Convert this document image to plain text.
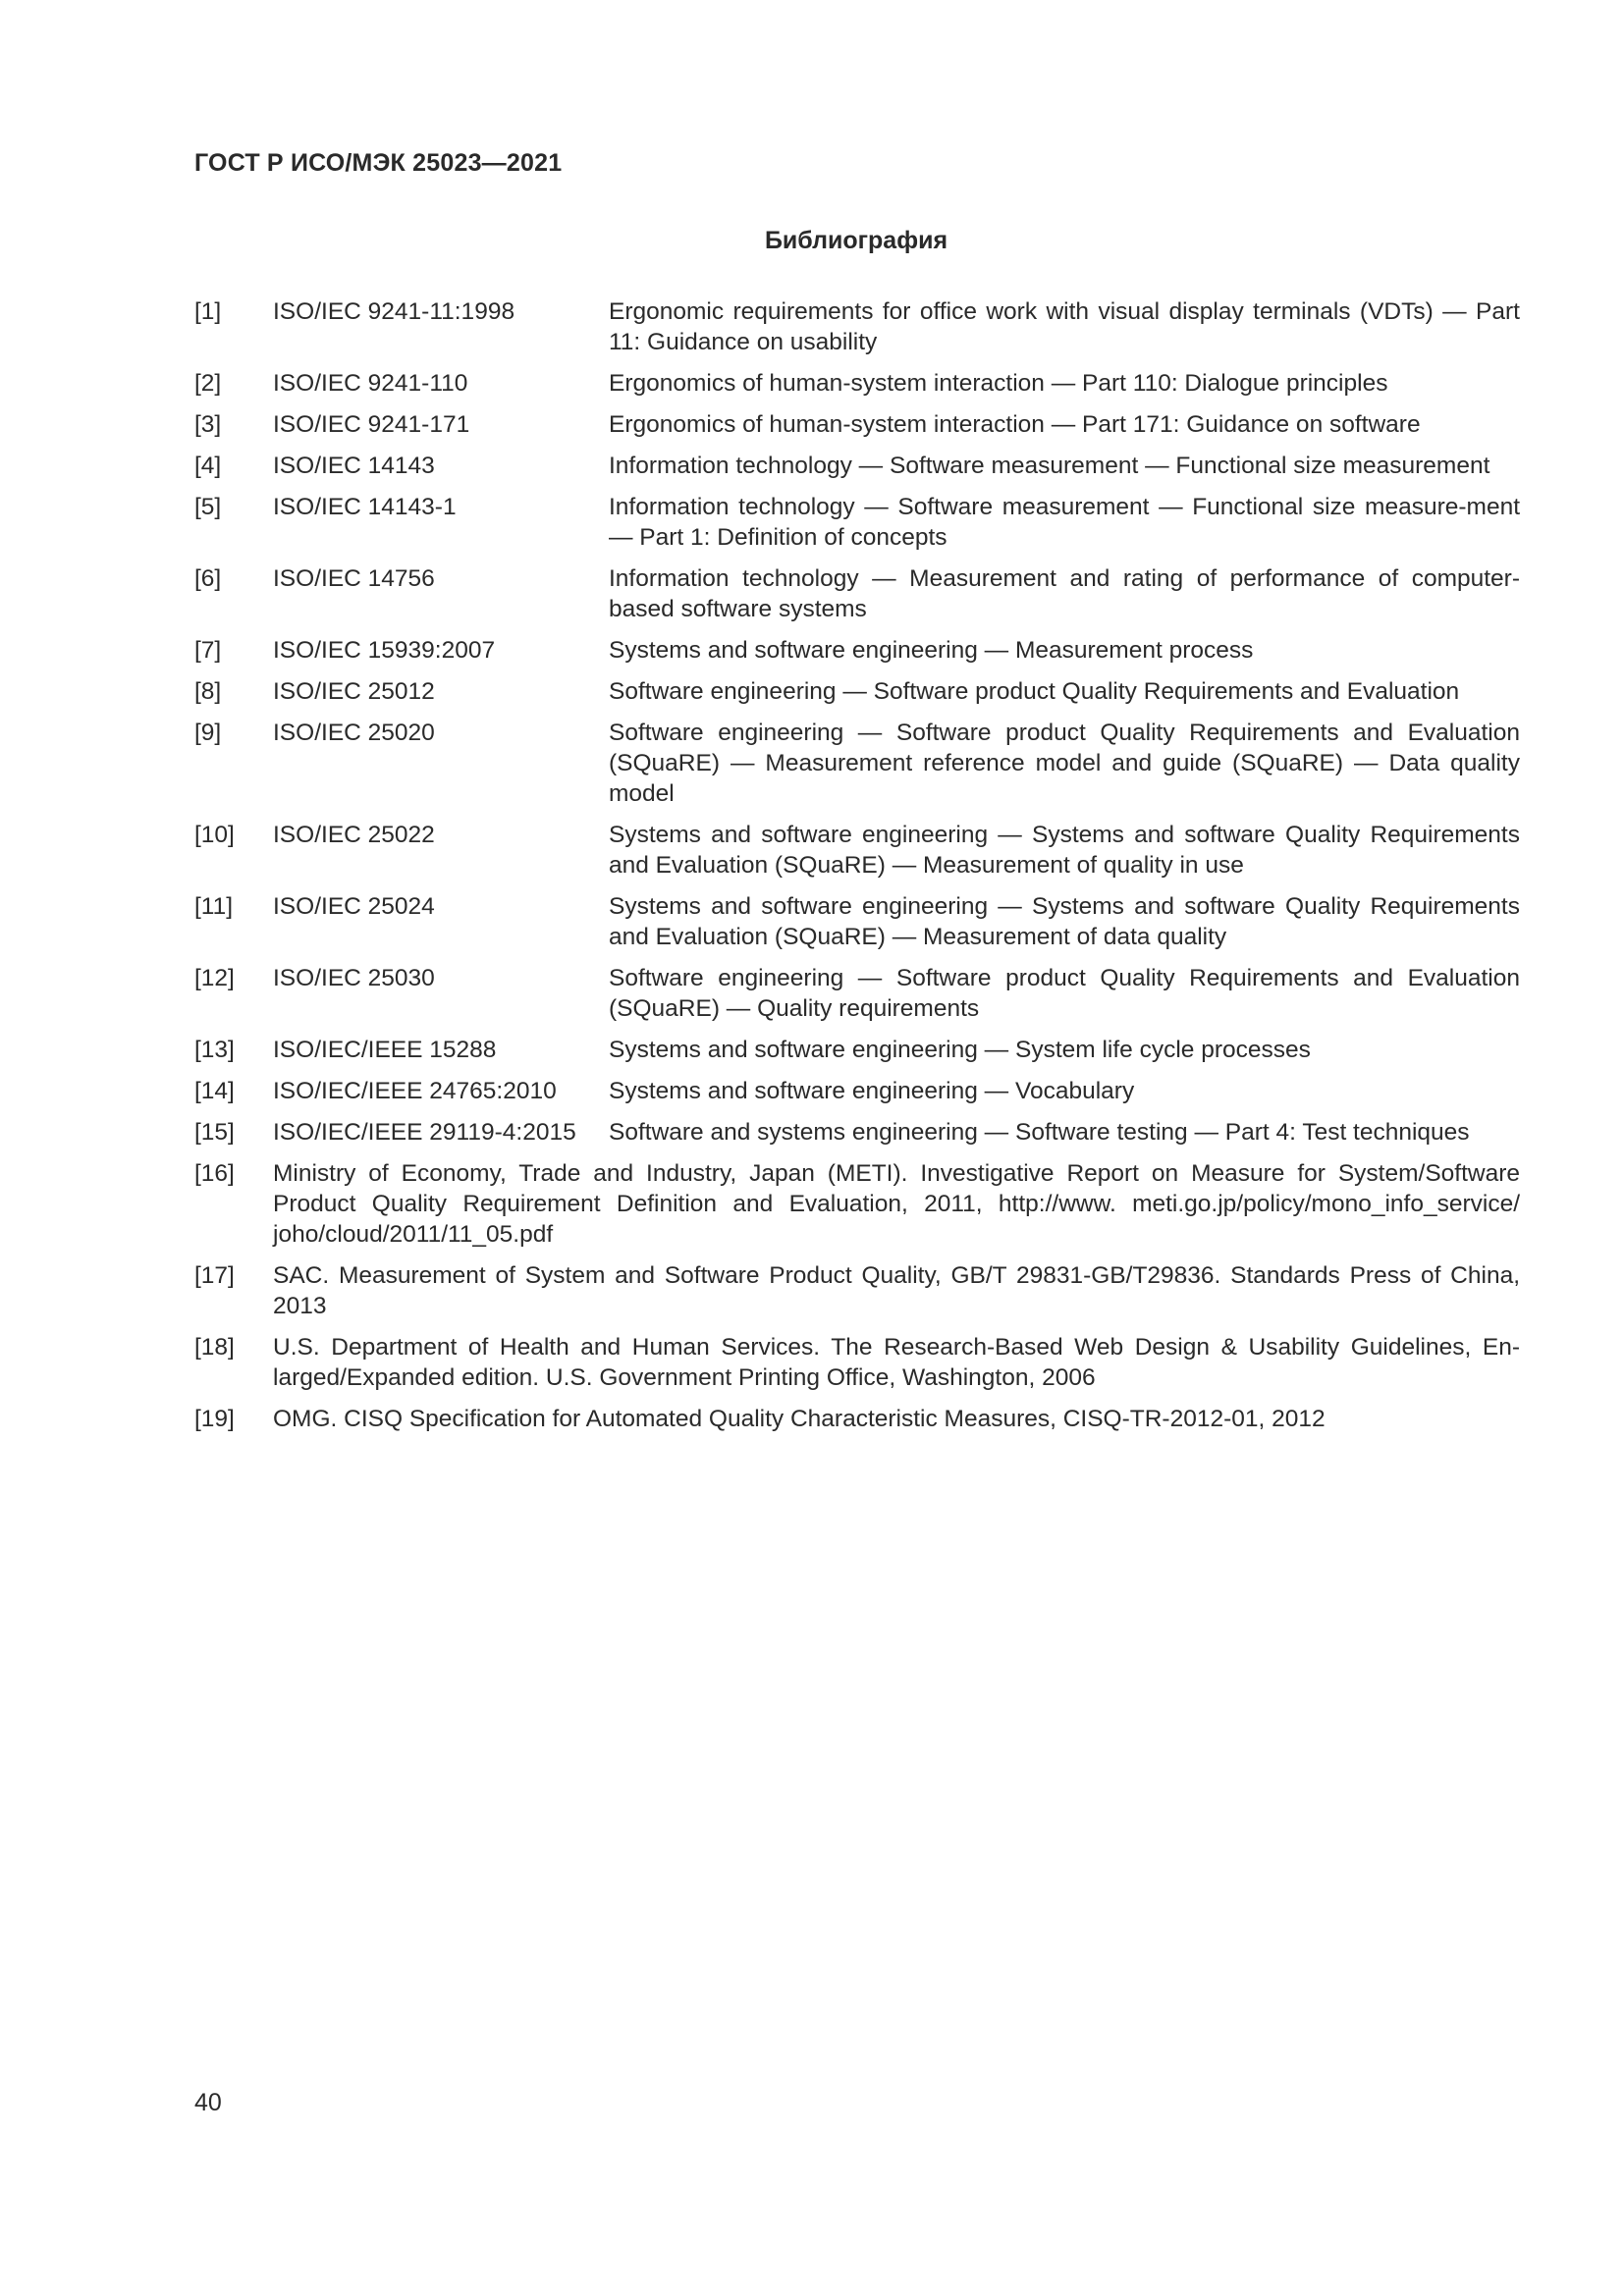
ГОСТ Р ИСО/МЭК 25023—2021
Библиография
[1]	ISO/IEC 9241-11:1998	Ergonomic requirements for office work with visual display terminals (VDTs) — Part 11: Guidance on usability
[2]	ISO/IEC 9241-110	Ergonomics of human-system interaction — Part 110: Dialogue principles
[3]	ISO/IEC 9241-171	Ergonomics of human-system interaction — Part 171: Guidance on software
[4]	ISO/IEC 14143	Information technology — Software measurement — Functional size measurement
[5]	ISO/IEC 14143-1	Information technology — Software measurement — Functional size measure-ment — Part 1: Definition of concepts
[6]	ISO/IEC 14756	Information technology — Measurement and rating of performance of computer-based software systems
[7]	ISO/IEC 15939:2007	Systems and software engineering — Measurement process
[8]	ISO/IEC 25012	Software engineering — Software product Quality Requirements and Evaluation
[9]	ISO/IEC 25020	Software engineering — Software product Quality Requirements and Evaluation (SQuaRE) — Measurement reference model and guide (SQuaRE) — Data quality model
[10]	ISO/IEC 25022	Systems and software engineering — Systems and software Quality Requirements and Evaluation (SQuaRE) — Measurement of quality in use
[11]	ISO/IEC 25024	Systems and software engineering — Systems and software Quality Requirements and Evaluation (SQuaRE) — Measurement of data quality
[12]	ISO/IEC 25030	Software engineering — Software product Quality Requirements and Evaluation (SQuaRE) — Quality requirements
[13]	ISO/IEC/IEEE 15288	Systems and software engineering — System life cycle processes
[14]	ISO/IEC/IEEE 24765:2010	Systems and software engineering — Vocabulary
[15]	ISO/IEC/IEEE 29119-4:2015	Software and systems engineering — Software testing — Part 4: Test techniques
[16]	Ministry of Economy, Trade and Industry, Japan (METI). Investigative Report on Measure for System/Software Product Quality Requirement Definition and Evaluation, 2011, http://www. meti.go.jp/policy/mono_info_service/ joho/cloud/2011/11_05.pdf
[17]	SAC. Measurement of System and Software Product Quality, GB/T 29831-GB/T29836. Standards Press of China, 2013
[18]	U.S. Department of Health and Human Services. The Research-Based Web Design & Usability Guidelines, En-larged/Expanded edition. U.S. Government Printing Office, Washington, 2006
[19]	OMG. CISQ Specification for Automated Quality Characteristic Measures, CISQ-TR-2012-01, 2012
40
